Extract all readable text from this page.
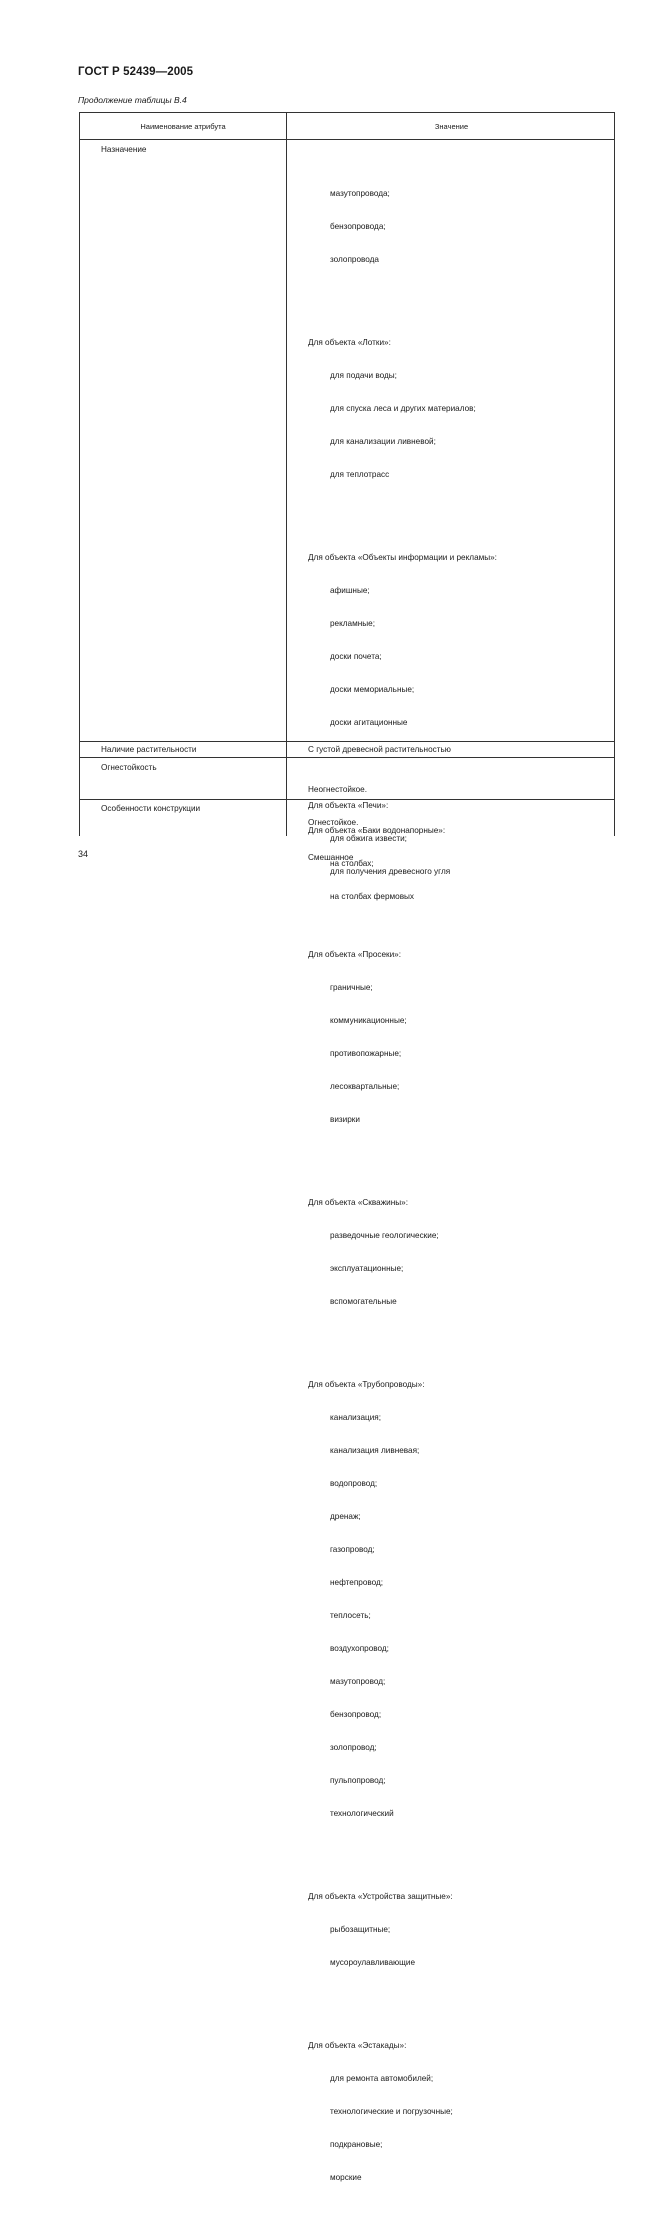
ГОСТ Р 52439—2005
Продолжение таблицы В.4
Наименование атрибута	Значение
Назначение

мазутопровода;

бензопровода;

золопровода

Для объекта «Лотки»:

для подачи воды;

для спуска леса и других материалов;

для канализации ливневой;

для теплотрасс

Для объекта «Объекты информации и рекламы»:

афишные;

рекламные;

доски почета;

доски мемориальные;

доски агитационные

Для объекта «Печи»:

для обжига извести;

для получения древесного угля

Для объекта «Просеки»:

граничные;

коммуникационные;

противопожарные;

лесоквартальные;

визирки

Для объекта «Скважины»:

разведочные геологические;

эксплуатационные;

вспомогательные

Для объекта «Трубопроводы»:

канализация;

канализация ливневая;

водопровод;

дренаж;

газопровод;

нефтепровод;

теплосеть;

воздухопровод;

мазутопровод;

бензопровод;

золопровод;

пульпопровод;

технологический

Для объекта «Устройства защитные»:

рыбозащитные;

мусороулавливающие

Для объекта «Эстакады»:

для ремонта автомобилей;

технологические и погрузочные;

подкрановые;

морские

Наличие растительности	С густой древесной растительностью
Огнестойкость

Неогнестойкое.

Огнестойкое.

Смешанное

Особенности конструкции

Для объекта «Баки водонапорные»:

на столбах;

на столбах фермовых

34
